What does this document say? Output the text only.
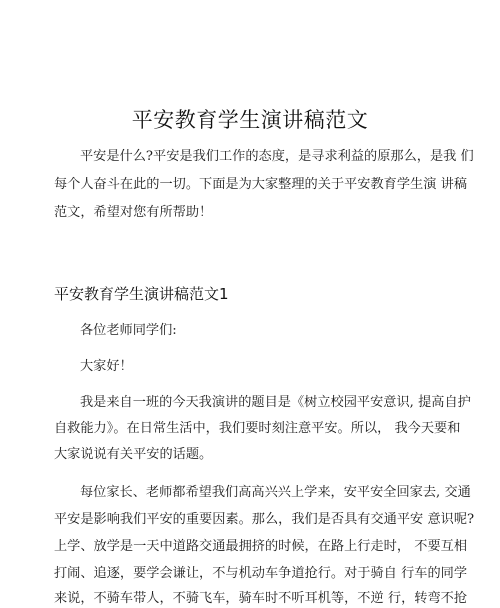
平安教育学生演讲稿范文
平安是什么?平安是我们工作的态度，是寻求利益的原那么，是我 们
每个人奋斗在此的一切。下面是为大家整理的关于平安教育学生演 讲稿
范文，希望对您有所帮助！
平安教育学生演讲稿范文1
各位老师同学们:
大家好！
我是来自一班的今天我演讲的题目是《树立校园平安意识, 提高自护
自救能力》。在日常生活中，我们要时刻注意平安。所以， 我今天要和
大家说说有关平安的话题。
每位家长、老师都希望我们高高兴兴上学来，安平安全回家去, 交通
平安是影响我们平安的重要因素。那么，我们是否具有交通平安 意识呢?
上学、放学是一天中道路交通最拥挤的时候，在路上行走时， 不要互相
打闹、追逐，要学会谦让，不与机动车争道抢行。对于骑自 行车的同学
来说，不骑车带人，不骑飞车，骑车时不听耳机等，不逆 行，转弯不抢
